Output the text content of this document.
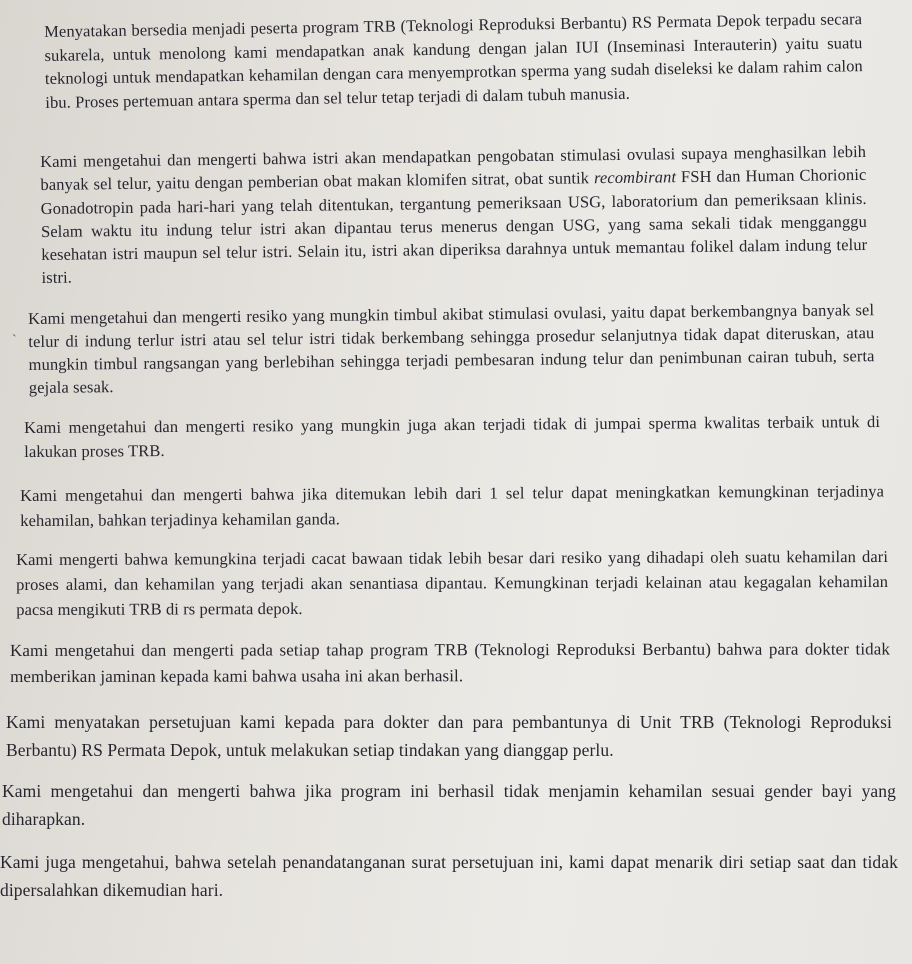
Menyatakan bersedia menjadi peserta program TRB (Teknologi Reproduksi Berbantu) RS Permata Depok terpadu secara sukarela, untuk menolong kami mendapatkan anak kandung dengan jalan IUI (Inseminasi Interauterin) yaitu suatu teknologi untuk mendapatkan kehamilan dengan cara menyemprotkan sperma yang sudah diseleksi ke dalam rahim calon ibu. Proses pertemuan antara sperma dan sel telur tetap terjadi di dalam tubuh manusia.

Kami mengetahui dan mengerti bahwa istri akan mendapatkan pengobatan stimulasi ovulasi supaya menghasilkan lebih banyak sel telur, yaitu dengan pemberian obat makan klomifen sitrat, obat suntik recombirant FSH dan Human Chorionic Gonadotropin pada hari-hari yang telah ditentukan, tergantung pemeriksaan USG, laboratorium dan pemeriksaan klinis. Selam waktu itu indung telur istri akan dipantau terus menerus dengan USG, yang sama sekali tidak mengganggu kesehatan istri maupun sel telur istri. Selain itu, istri akan diperiksa darahnya untuk memantau folikel dalam indung telur istri.

`

Kami mengetahui dan mengerti resiko yang mungkin timbul akibat stimulasi ovulasi, yaitu dapat berkembangnya banyak sel telur di indung terlur istri atau sel telur istri tidak berkembang sehingga prosedur selanjutnya tidak dapat diteruskan, atau mungkin timbul rangsangan yang berlebihan sehingga terjadi pembesaran indung telur dan penimbunan cairan tubuh, serta gejala sesak.

Kami mengetahui dan mengerti resiko yang mungkin juga akan terjadi tidak di jumpai sperma kwalitas terbaik untuk di lakukan proses TRB.

Kami mengetahui dan mengerti bahwa jika ditemukan lebih dari 1 sel telur dapat meningkatkan kemungkinan terjadinya kehamilan, bahkan terjadinya kehamilan ganda.

Kami mengerti bahwa kemungkina terjadi cacat bawaan tidak lebih besar dari resiko yang dihadapi oleh suatu kehamilan dari proses alami, dan kehamilan yang terjadi akan senantiasa dipantau. Kemungkinan terjadi kelainan atau kegagalan kehamilan pacsa mengikuti TRB di rs permata depok.

Kami mengetahui dan mengerti pada setiap tahap program TRB (Teknologi Reproduksi Berbantu) bahwa para dokter tidak memberikan jaminan kepada kami bahwa usaha ini akan berhasil.

Kami menyatakan persetujuan kami kepada para dokter dan para pembantunya di Unit TRB (Teknologi Reproduksi Berbantu) RS Permata Depok, untuk melakukan setiap tindakan yang dianggap perlu.

Kami mengetahui dan mengerti bahwa jika program ini berhasil tidak menjamin kehamilan sesuai gender bayi yang diharapkan.

Kami juga mengetahui, bahwa setelah penandatanganan surat persetujuan ini, kami dapat menarik diri setiap saat dan tidak dipersalahkan dikemudian hari.
